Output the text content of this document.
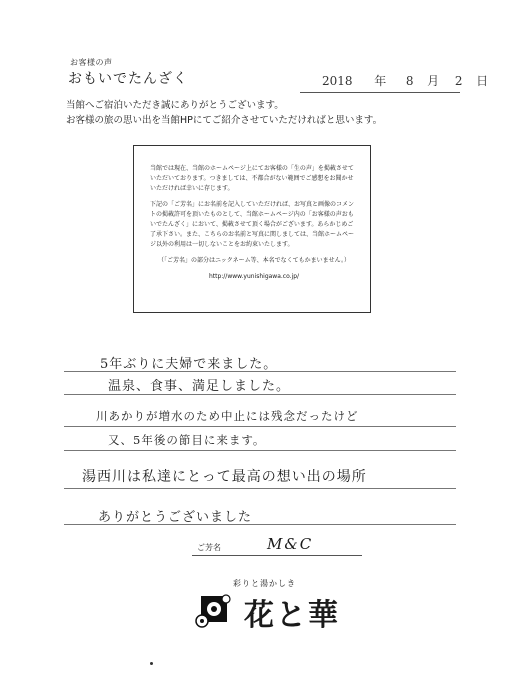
お客様の声
おもいでたんざく	2018 年 8 月 2 日
当館へご宿泊いただき誠にありがとうございます。
お客様の旅の思い出を当館HPにてご紹介させていただければと思います。

当館では現在、当館のホームページ上にてお客様の「生の声」を掲載させていただいております。つきましては、不都合がない範囲でご感想をお聞かせいただければ幸いに存じます。

下記の「ご芳名」にお名前を記入していただければ、お写真と画像のコメントの掲載許可を頂いたものとして、当館ホームページ内の「お客様の声おもいでたんざく」において、掲載させて頂く場合がございます。あらかじめご了承下さい。また、こちらのお名前と写真に関しましては、当館ホームページ以外の利用は一切しないことをお約束いたします。

（「ご芳名」の部分はニックネーム等、本名でなくてもかまいません。）

http://www.yunishigawa.co.jp/

5年ぶりに夫婦で来ました。
温泉、食事、満足しました。
川あかりが増水のため中止には残念だったけど
又、5年後の節目に来ます。
湯西川は私達にとって最高の想い出の場所
ありがとうございました
ご芳名	M&C
彩りと湯かしき
花と華
